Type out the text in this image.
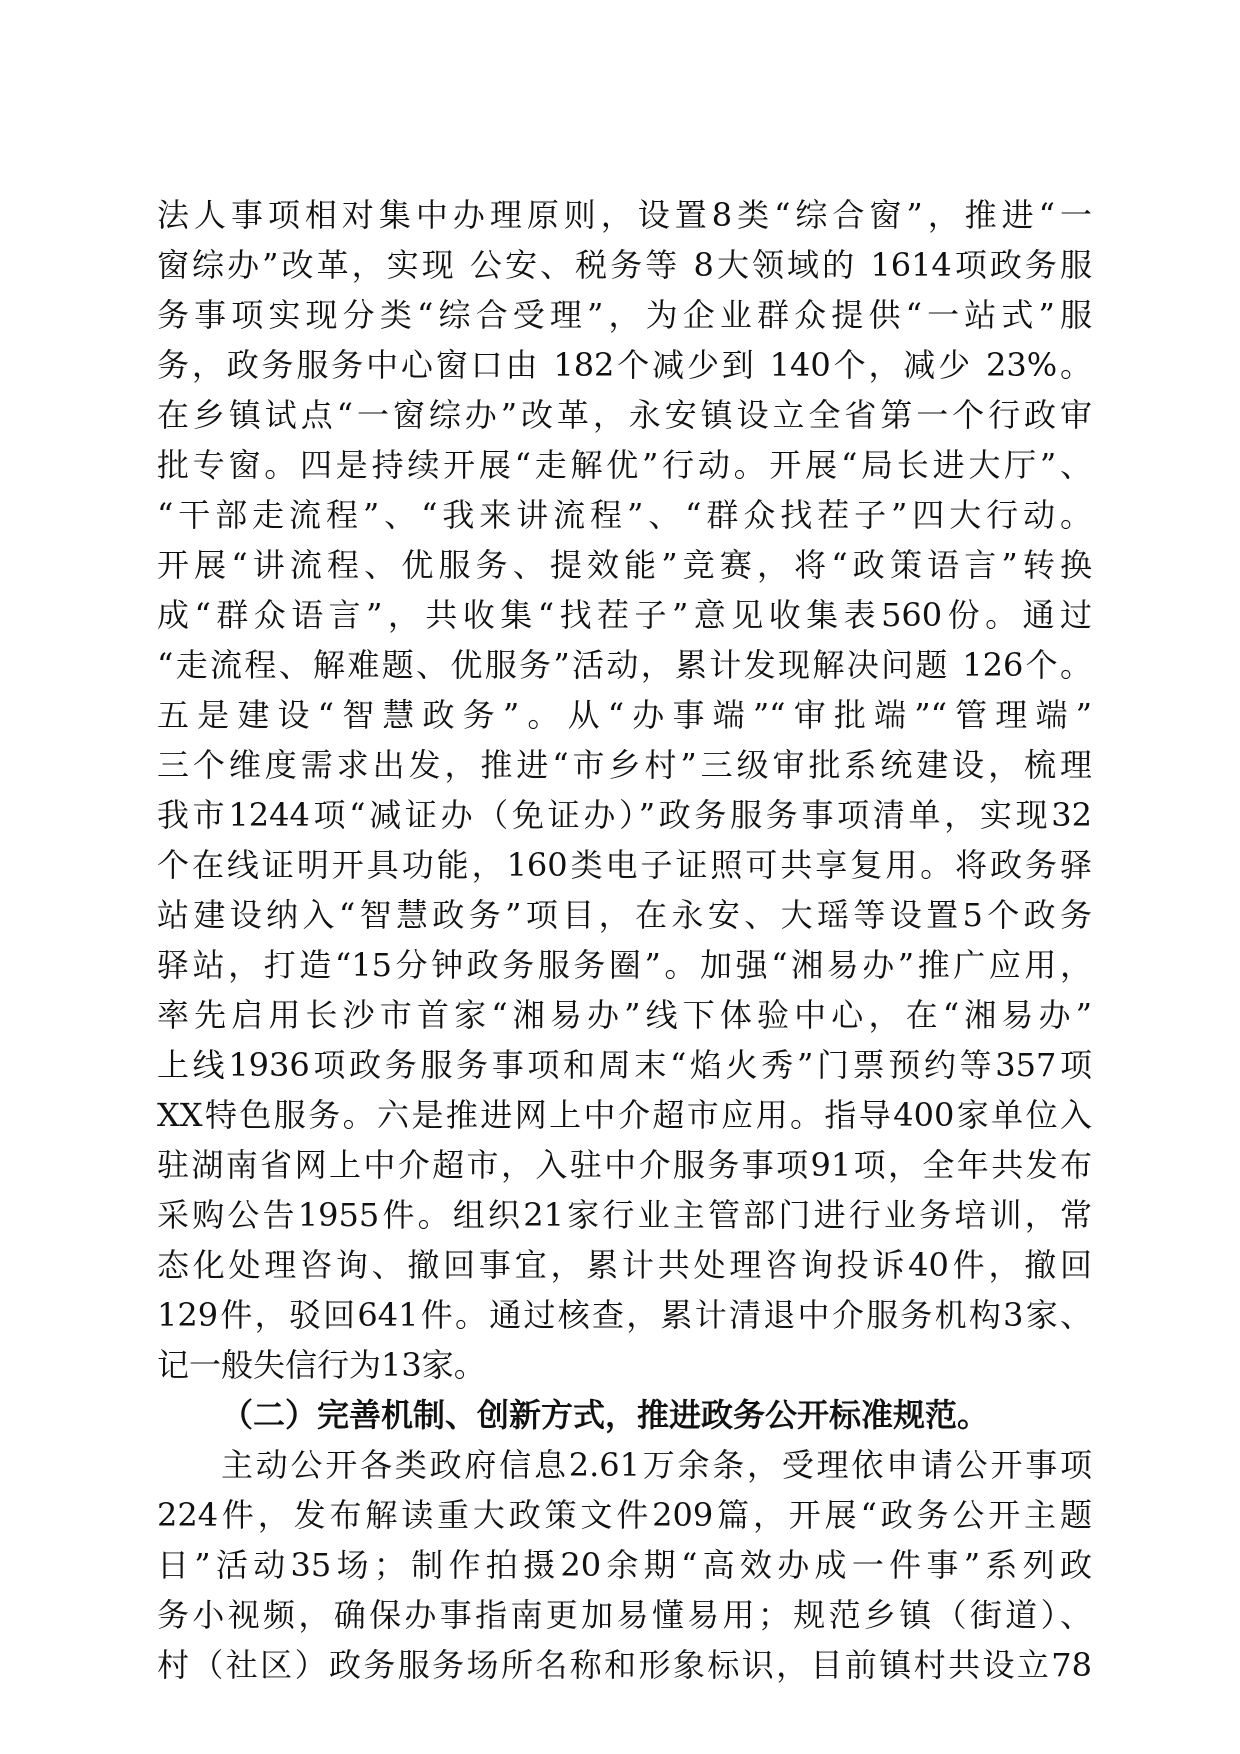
法人事项相对集中办理原则，设置8类“综合窗”，推进“一
窗综办”改革，实现 公安、税务等 8大领域的 1614项政务服
务事项实现分类“综合受理”，为企业群众提供“一站式”服
务，政务服务中心窗口由 182个减少到 140个，减少 23%。
在乡镇试点“一窗综办”改革，永安镇设立全省第一个行政审
批专窗。四是持续开展“走解优”行动。开展“局长进大厅”、
“干部走流程”、“我来讲流程”、“群众找茬子”四大行动。
开展“讲流程、优服务、提效能”竞赛，将“政策语言”转换
成“群众语言”，共收集“找茬子”意见收集表560份。通过
“走流程、解难题、优服务”活动，累计发现解决问题 126个。
五是建设“智慧政务”。从“办事端”“审批端”“管理端”
三个维度需求出发，推进“市乡村”三级审批系统建设，梳理
我市1244项“减证办（免证办）”政务服务事项清单，实现32
个在线证明开具功能，160类电子证照可共享复用。将政务驿
站建设纳入“智慧政务”项目，在永安、大瑶等设置5个政务
驿站，打造“15分钟政务服务圈”。加强“湘易办”推广应用，
率先启用长沙市首家“湘易办”线下体验中心，在“湘易办”
上线1936项政务服务事项和周末“焰火秀”门票预约等357项
XX特色服务。六是推进网上中介超市应用。指导400家单位入
驻湖南省网上中介超市，入驻中介服务事项91项，全年共发布
采购公告1955件。组织21家行业主管部门进行业务培训，常
态化处理咨询、撤回事宜，累计共处理咨询投诉40件，撤回
129件，驳回641件。通过核查，累计清退中介服务机构3家、
记一般失信行为13家。
（二）完善机制、创新方式，推进政务公开标准规范。
主动公开各类政府信息2.61万余条，受理依申请公开事项
224件，发布解读重大政策文件209篇，开展“政务公开主题
日”活动35场；制作拍摄20余期“高效办成一件事”系列政
务小视频，确保办事指南更加易懂易用；规范乡镇（街道）、
村（社区）政务服务场所名称和形象标识，目前镇村共设立78
